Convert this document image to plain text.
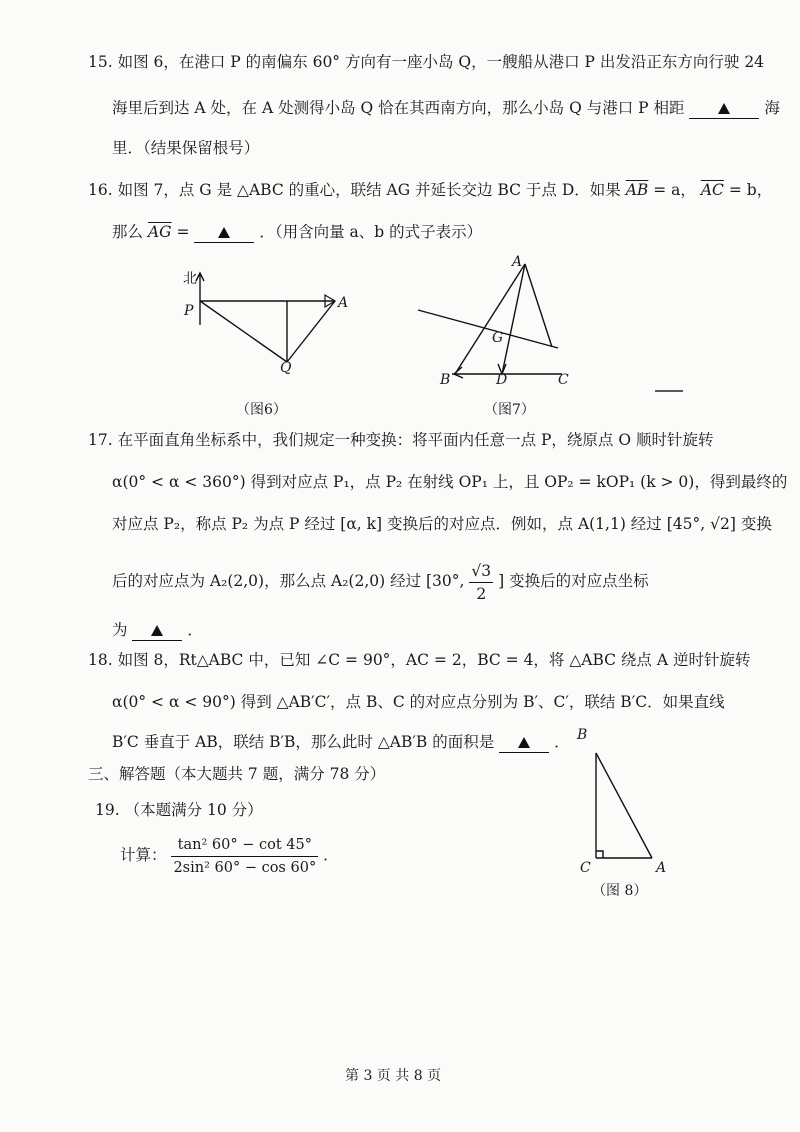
15. 如图 6，在港口 P 的南偏东 60° 方向有一座小岛 Q，一艘船从港口 P 出发沿正东方向行驶 24
海里后到达 A 处，在 A 处测得小岛 Q 恰在其西南方向，那么小岛 Q 与港口 P 相距	海
里．（结果保留根号）
16. 如图 7，点 G 是 △ABC 的重心，联结 AG 并延长交边 BC 于点 D．如果 $\overline{AB} = a$， $\overline{AC} = b$，
那么 $\overline{AG}$ =	．（用含向量 a、b 的式子表示）
北
P	A
Q
（图6）
A
G
B	D	C
（图7）
17. 在平面直角坐标系中，我们规定一种变换：将平面内任意一点 P，绕原点 O 顺时针旋转
α(0° < α < 360°) 得到对应点 P₁，点 P₂ 在射线 OP₁ 上，且 OP₂ = kOP₁ (k > 0)，得到最终的
对应点 P₂，称点 P₂ 为点 P 经过 [α, k] 变换后的对应点．例如，点 A(1,1) 经过 [45°, √2] 变换
后的对应点为 A₂(2,0)，那么点 A₂(2,0) 经过 [30°, $\frac{√3}{2}$ ] 变换后的对应点坐标
为	．
18. 如图 8，Rt△ABC 中，已知 ∠C = 90°，AC = 2，BC = 4，将 △ABC 绕点 A 逆时针旋转
α(0° < α < 90°) 得到 △AB′C′，点 B、C 的对应点分别为 B′、C′，联结 B′C．如果直线
B′C 垂直于 AB，联结 B′B，那么此时 △AB′B 的面积是	． B
C	A
（图 8）
三、解答题（本大题共 7 题，满分 78 分）
19. （本题满分 10 分）
计算： $\frac{\text{tan² 60° − cot 45°}}{\text{2sin² 60° − cos 60°}}$ ．
第 3 页 共 8 页
